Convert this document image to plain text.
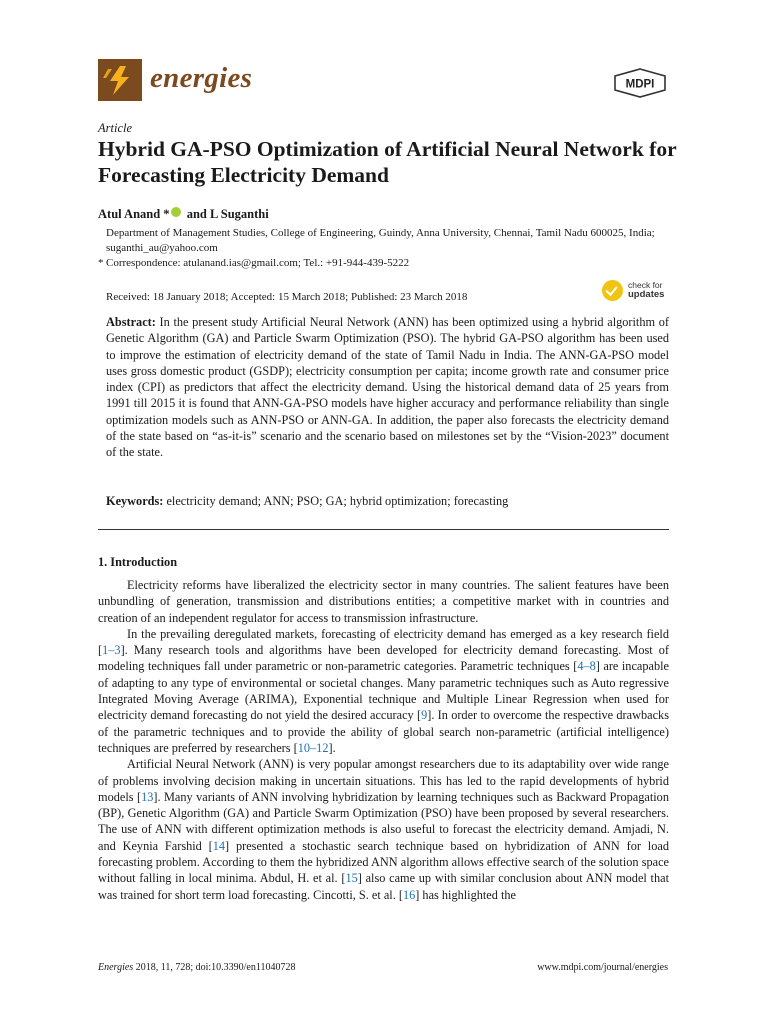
energies	MDPI
Article
Hybrid GA-PSO Optimization of Artificial Neural Network for Forecasting Electricity Demand
Atul Anand * and L Suganthi
Department of Management Studies, College of Engineering, Guindy, Anna University, Chennai, Tamil Nadu 600025, India; suganthi_au@yahoo.com
* Correspondence: atulanand.ias@gmail.com; Tel.: +91-944-439-5222
Received: 18 January 2018; Accepted: 15 March 2018; Published: 23 March 2018
check for
updates
Abstract: In the present study Artificial Neural Network (ANN) has been optimized using a hybrid algorithm of Genetic Algorithm (GA) and Particle Swarm Optimization (PSO). The hybrid GA-PSO algorithm has been used to improve the estimation of electricity demand of the state of Tamil Nadu in India. The ANN-GA-PSO model uses gross domestic product (GSDP); electricity consumption per capita; income growth rate and consumer price index (CPI) as predictors that affect the electricity demand. Using the historical demand data of 25 years from 1991 till 2015 it is found that ANN-GA-PSO models have higher accuracy and performance reliability than single optimization models such as ANN-PSO or ANN-GA. In addition, the paper also forecasts the electricity demand of the state based on “as-it-is” scenario and the scenario based on milestones set by the “Vision-2023” document of the state.
Keywords: electricity demand; ANN; PSO; GA; hybrid optimization; forecasting
1. Introduction

Electricity reforms have liberalized the electricity sector in many countries. The salient features have been unbundling of generation, transmission and distributions entities; a competitive market with in countries and creation of an independent regulator for access to transmission infrastructure.

In the prevailing deregulated markets, forecasting of electricity demand has emerged as a key research field [1–3]. Many research tools and algorithms have been developed for electricity demand forecasting. Most of modeling techniques fall under parametric or non-parametric categories. Parametric techniques [4–8] are incapable of adapting to any type of environmental or societal changes. Many parametric techniques such as Auto regressive Integrated Moving Average (ARIMA), Exponential technique and Multiple Linear Regression when used for electricity demand forecasting do not yield the desired accuracy [9]. In order to overcome the respective drawbacks of the parametric techniques and to provide the ability of global search non-parametric (artificial intelligence) techniques are preferred by researchers [10–12].

Artificial Neural Network (ANN) is very popular amongst researchers due to its adaptability over wide range of problems involving decision making in uncertain situations. This has led to the rapid developments of hybrid models [13]. Many variants of ANN involving hybridization by learning techniques such as Backward Propagation (BP), Genetic Algorithm (GA) and Particle Swarm Optimization (PSO) have been proposed by several researchers. The use of ANN with different optimization methods is also useful to forecast the electricity demand. Amjadi, N. and Keynia Farshid [14] presented a stochastic search technique based on hybridization of ANN for load forecasting problem. According to them the hybridized ANN algorithm allows effective search of the solution space without falling in local minima. Abdul, H. et al. [15] also came up with similar conclusion about ANN model that was trained for short term load forecasting. Cincotti, S. et al. [16] has highlighted the

Energies 2018, 11, 728; doi:10.3390/en11040728	www.mdpi.com/journal/energies
